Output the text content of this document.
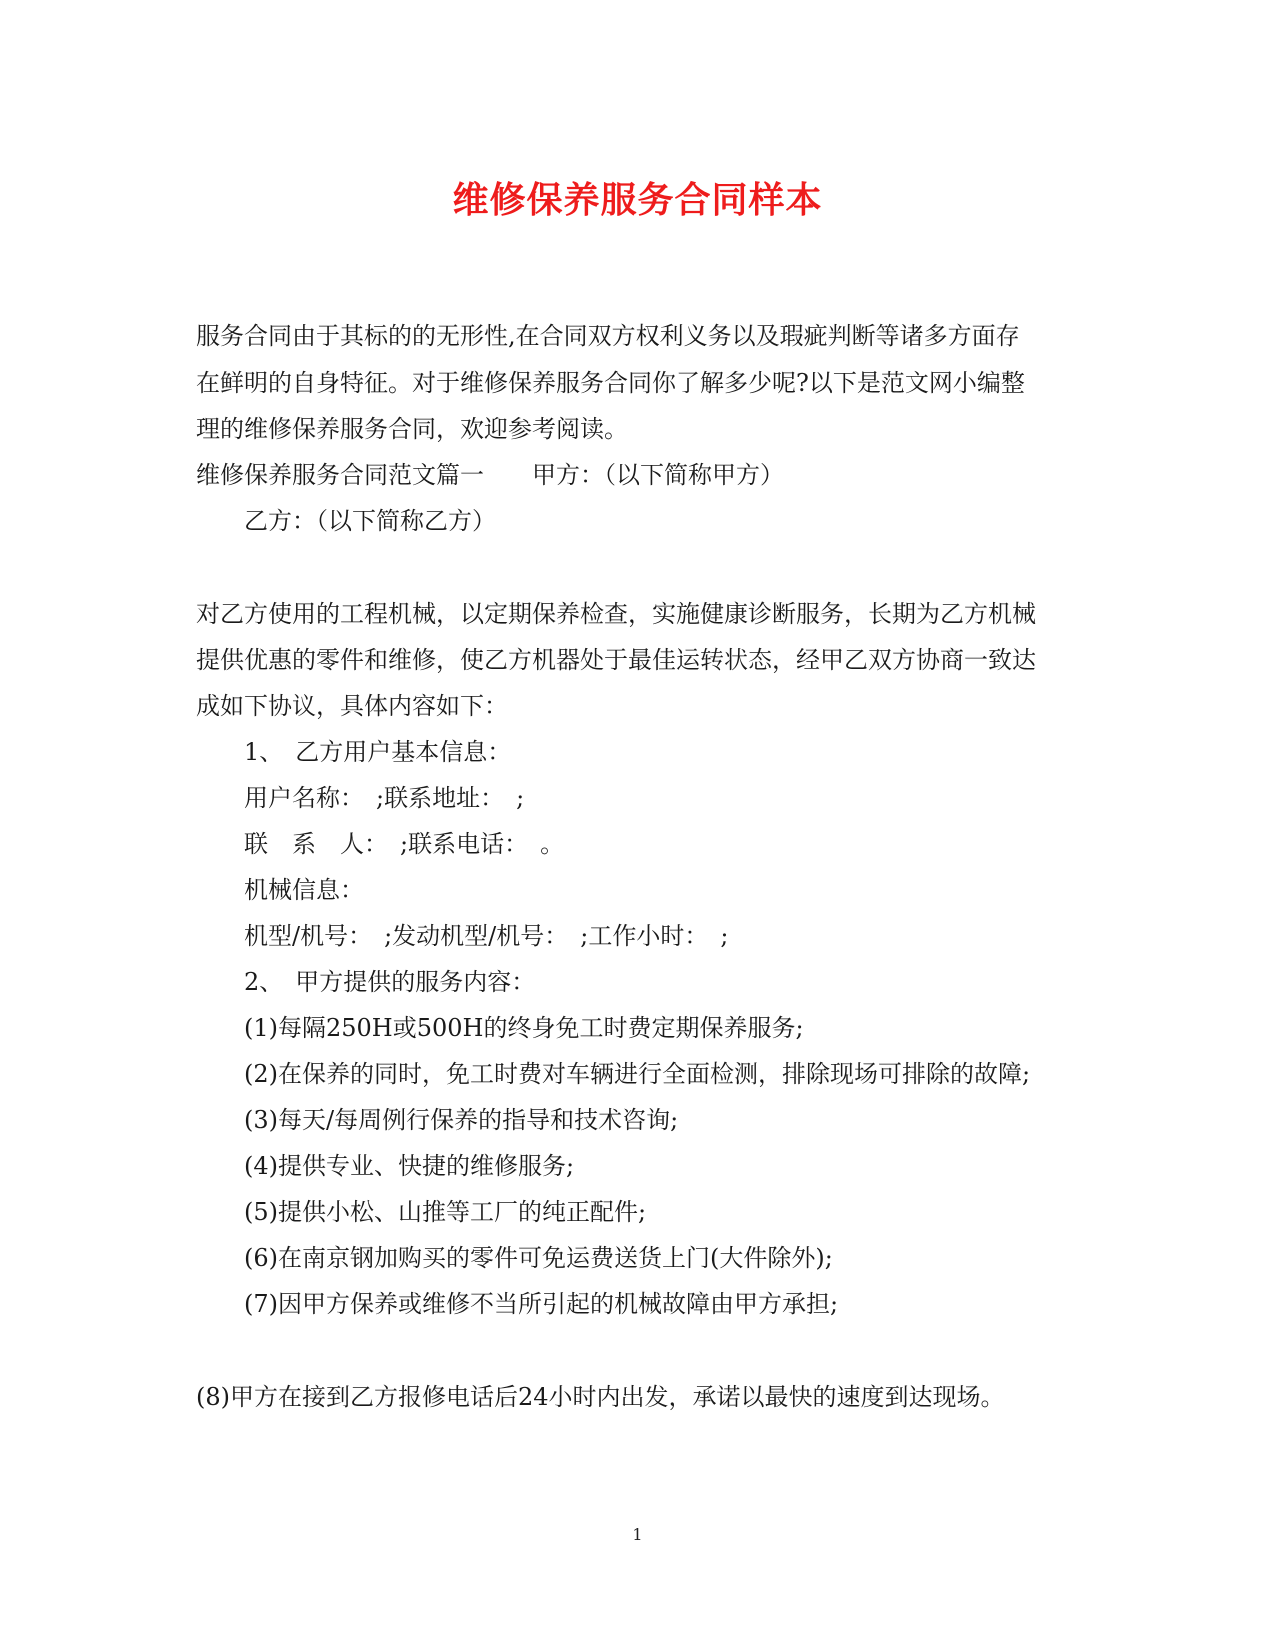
维修保养服务合同样本
服务合同由于其标的的无形性,在合同双方权利义务以及瑕疵判断等诸多方面存
在鲜明的自身特征。对于维修保养服务合同你了解多少呢?以下是范文网小编整
理的维修保养服务合同，欢迎参考阅读。
维修保养服务合同范文篇一 甲方：（以下简称甲方）
乙方：（以下简称乙方）
对乙方使用的工程机械，以定期保养检查，实施健康诊断服务，长期为乙方机械
提供优惠的零件和维修，使乙方机器处于最佳运转状态，经甲乙双方协商一致达
成如下协议，具体内容如下：
1、　乙方用户基本信息：
用户名称：　;联系地址：　;
联　系　人：　;联系电话：　。
机械信息：
机型/机号：　;发动机型/机号：　;工作小时：　;
2、　甲方提供的服务内容：
(1)每隔250H或500H的终身免工时费定期保养服务;
(2)在保养的同时，免工时费对车辆进行全面检测，排除现场可排除的故障;
(3)每天/每周例行保养的指导和技术咨询;
(4)提供专业、快捷的维修服务;
(5)提供小松、山推等工厂的纯正配件;
(6)在南京钢加购买的零件可免运费送货上门(大件除外);
(7)因甲方保养或维修不当所引起的机械故障由甲方承担;
(8)甲方在接到乙方报修电话后24小时内出发，承诺以最快的速度到达现场。
1
